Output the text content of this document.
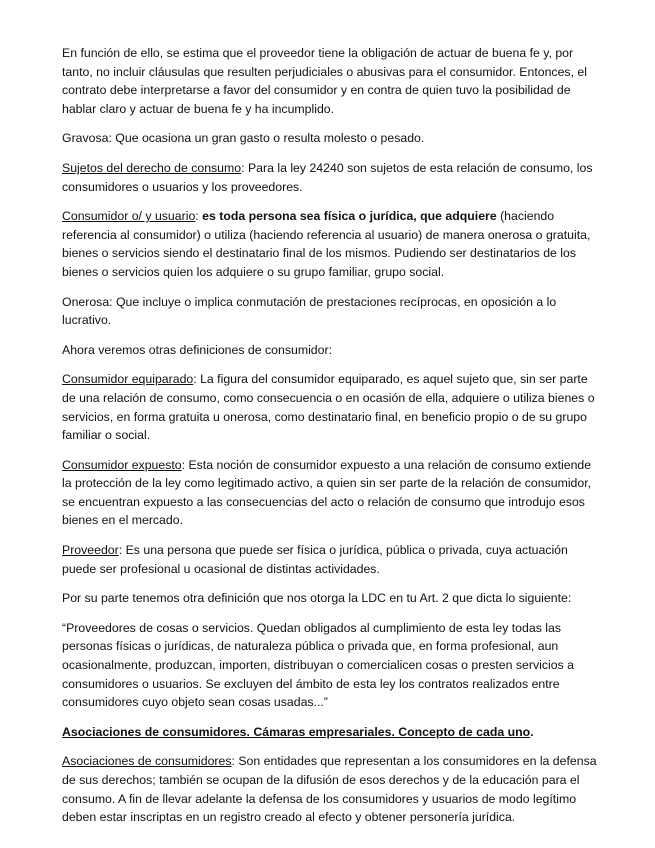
En función de ello, se estima que el proveedor tiene la obligación de actuar de buena fe y, por tanto, no incluir cláusulas que resulten perjudiciales o abusivas para el consumidor. Entonces, el contrato debe interpretarse a favor del consumidor y en contra de quien tuvo la posibilidad de hablar claro y actuar de buena fe y ha incumplido.

Gravosa: Que ocasiona un gran gasto o resulta molesto o pesado.

Sujetos del derecho de consumo: Para la ley 24240 son sujetos de esta relación de consumo, los consumidores o usuarios y los proveedores.

Consumidor o/ y usuario: es toda persona sea física o jurídica, que adquiere (haciendo referencia al consumidor) o utiliza (haciendo referencia al usuario) de manera onerosa o gratuita, bienes o servicios siendo el destinatario final de los mismos. Pudiendo ser destinatarios de los bienes o servicios quien los adquiere o su grupo familiar, grupo social.

Onerosa: Que incluye o implica conmutación de prestaciones recíprocas, en oposición a lo lucrativo.

Ahora veremos otras definiciones de consumidor:

Consumidor equiparado: La figura del consumidor equiparado, es aquel sujeto que, sin ser parte de una relación de consumo, como consecuencia o en ocasión de ella, adquiere o utiliza bienes o servicios, en forma gratuita u onerosa, como destinatario final, en beneficio propio o de su grupo familiar o social.

Consumidor expuesto: Esta noción de consumidor expuesto a una relación de consumo extiende la protección de la ley como legitimado activo, a quien sin ser parte de la relación de consumidor, se encuentran expuesto a las consecuencias del acto o relación de consumo que introdujo esos bienes en el mercado.

Proveedor: Es una persona que puede ser física o jurídica, pública o privada, cuya actuación puede ser profesional u ocasional de distintas actividades.

Por su parte tenemos otra definición que nos otorga la LDC en tu Art. 2 que dicta lo siguiente:

“Proveedores de cosas o servicios. Quedan obligados al cumplimiento de esta ley todas las personas físicas o jurídicas, de naturaleza pública o privada que, en forma profesional, aun ocasionalmente, produzcan, importen, distribuyan o comercialicen cosas o presten servicios a consumidores o usuarios. Se excluyen del ámbito de esta ley los contratos realizados entre consumidores cuyo objeto sean cosas usadas...”

Asociaciones de consumidores. Cámaras empresariales. Concepto de cada uno.

Asociaciones de consumidores: Son entidades que representan a los consumidores en la defensa de sus derechos; también se ocupan de la difusión de esos derechos y de la educación para el consumo. A fin de llevar adelante la defensa de los consumidores y usuarios de modo legítimo deben estar inscriptas en un registro creado al efecto y obtener personería jurídica.
